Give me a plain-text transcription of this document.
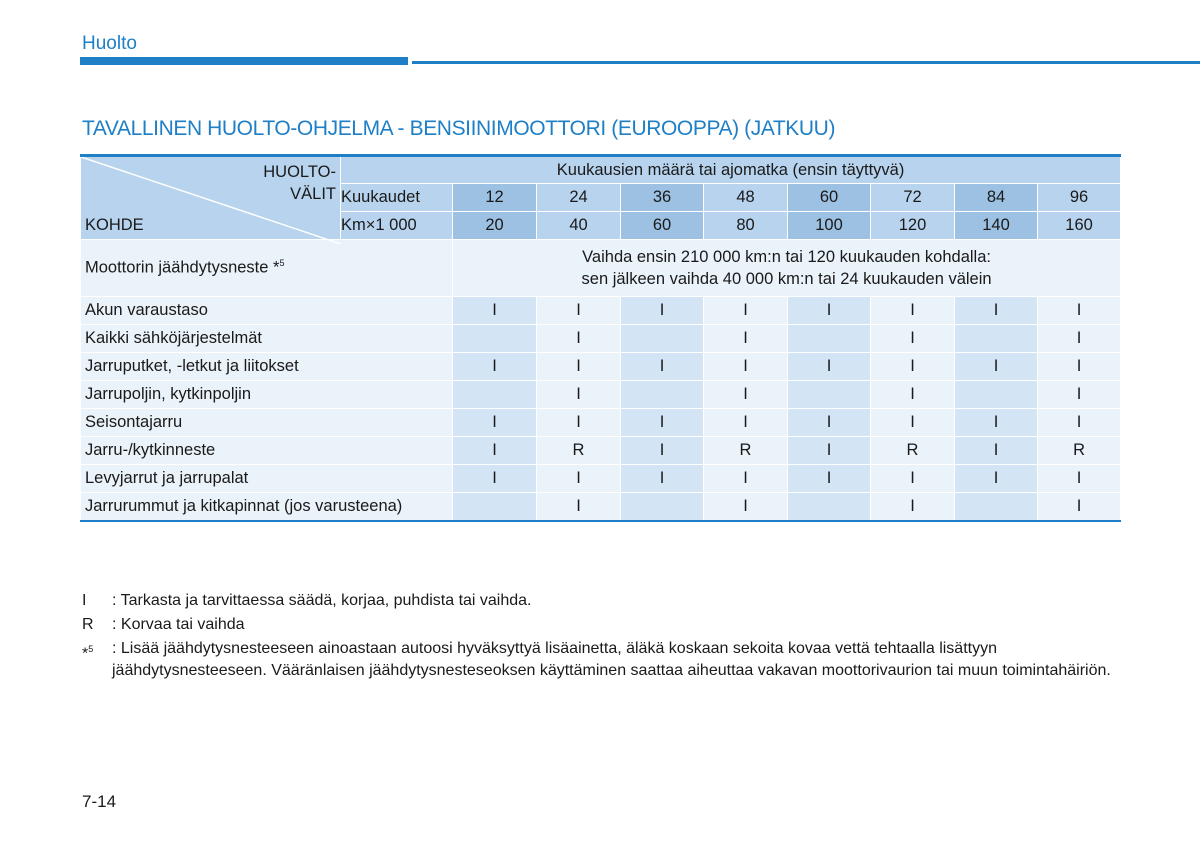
Huolto
TAVALLINEN HUOLTO-OHJELMA - BENSIINIMOOTTORI (EUROOPPA) (JATKUU)
HUOLTO-
VÄLIT
KOHDE	Kuukausien määrä tai ajomatka (ensin täyttyvä)								
	Kuukaudet	12	24	36	48	60	72	84	96
	Km×1 000	20	40	60	80	100	120	140	160
Moottorin jäähdytysneste *$^5$		Vaihda ensin 210 000 km:n tai 120 kuukauden kohdalla:
sen jälkeen vaihda 40 000 km:n tai 24 kuukauden välein							

Akun varaustaso		I	I	I	I	I	I	I	I
Kaikki sähköjärjestelmät			I		I		I		I
Jarruputket, -letkut ja liitokset		I	I	I	I	I	I	I	I
Jarrupoljin, kytkinpoljin			I		I		I		I
Seisontajarru		I	I	I	I	I	I	I	I
Jarru-/kytkinneste		I	R	I	R	I	R	I	R
Levyjarrut ja jarrupalat		I	I	I	I	I	I	I	I
Jarrurummut ja kitkapinnat (jos varusteena)			I		I		I		I
I	: Tarkasta ja tarvittaessa säädä, korjaa, puhdista tai vaihda.
R	: Korvaa tai vaihda
*$^5$	: Lisää jäähdytysnesteeseen ainoastaan autoosi hyväksyttyä lisäainetta, äläkä koskaan sekoita kovaa vettä tehtaalla lisättyyn jäähdytysnesteeseen. Vääränlaisen jäähdytysnesteseoksen käyttäminen saattaa aiheuttaa vakavan moottorivaurion tai muun toimintahäiriön.
7-14
